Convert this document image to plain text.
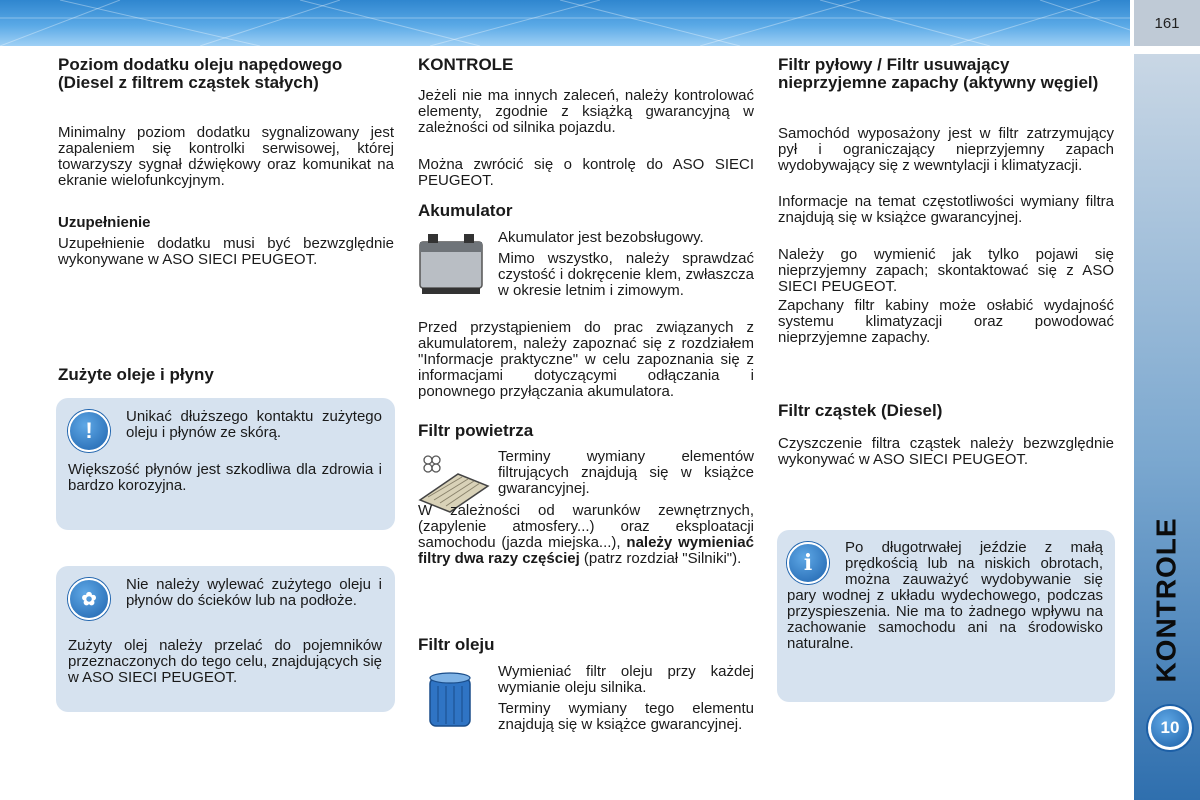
161
KONTROLE
10
Poziom dodatku oleju napędowego (Diesel z filtrem cząstek stałych)
Minimalny poziom dodatku sygnalizowany jest zapaleniem się kontrolki serwisowej, której towarzyszy sygnał dźwiękowy oraz komunikat na ekranie wielofunkcyjnym.
Uzupełnienie
Uzupełnienie dodatku musi być bezwzględnie wykonywane w ASO SIECI PEUGEOT.
Zużyte oleje i płyny
!
Unikać dłuższego kontaktu zużytego oleju i płynów ze skórą.
Większość płynów jest szkodliwa dla zdrowia i bardzo korozyjna.
✿
Nie należy wylewać zużytego oleju i płynów do ścieków lub na podłoże.
Zużyty olej należy przelać do pojemników przeznaczonych do tego celu, znajdujących się w ASO SIECI PEUGEOT.
KONTROLE
Jeżeli nie ma innych zaleceń, należy kontrolować elementy, zgodnie z książką gwarancyjną w zależności od silnika pojazdu.
Można zwrócić się o kontrolę do ASO SIECI PEUGEOT.
Akumulator
Akumulator jest bezobsługowy.
Mimo wszystko, należy sprawdzać czystość i dokręcenie klem, zwłaszcza w okresie letnim i zimowym.
Przed przystąpieniem do prac związanych z akumulatorem, należy zapoznać się z rozdziałem "Informacje praktyczne" w celu zapoznania się z informacjami dotyczącymi odłączania i ponownego przyłączania akumulatora.
Filtr powietrza
Terminy wymiany elementów filtrujących znajdują się w książce gwarancyjnej.
W zależności od warunków zewnętrznych, (zapylenie atmosfery...) oraz eksploatacji samochodu (jazda miejska...), należy wymieniać filtry dwa razy częściej (patrz rozdział "Silniki").
Filtr oleju
Wymieniać filtr oleju przy każdej wymianie oleju silnika.
Terminy wymiany tego elementu znajdują się w książce gwarancyjnej.
Filtr pyłowy / Filtr usuwający nieprzyjemne zapachy (aktywny węgiel)
Samochód wyposażony jest w filtr zatrzymujący pył i ograniczający nieprzyjemny zapach wydobywający się z wewntylacji i klimatyzacji.
Informacje na temat częstotliwości wymiany filtra znajdują się w książce gwarancyjnej.
Należy go wymienić jak tylko pojawi się nieprzyjemny zapach; skontaktować się z ASO SIECI PEUGEOT.
Zapchany filtr kabiny może osłabić wydajność systemu klimatyzacji oraz powodować nieprzyjemne zapachy.
Filtr cząstek (Diesel)
Czyszczenie filtra cząstek należy bezwzględnie wykonywać w ASO SIECI PEUGEOT.
i
Po długotrwałej jeździe z małą prędkością lub na niskich obrotach, można zauważyć wydobywanie się pary wodnej z układu wydechowego, podczas przyspieszenia. Nie ma to żadnego wpływu na zachowanie samochodu ani na środowisko naturalne.
